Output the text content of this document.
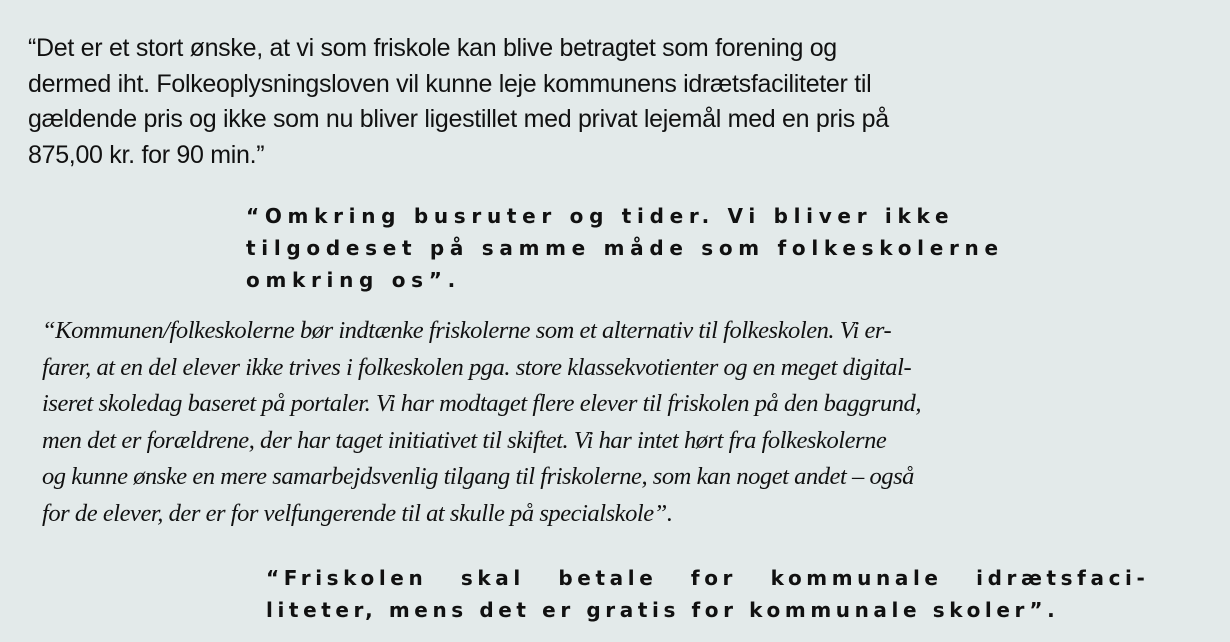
“Det er et stort ønske, at vi som friskole kan blive betragtet som forening og
dermed iht. Folkeoplysningsloven vil kunne leje kommunens idrætsfaciliteter til
gældende pris og ikke som nu bliver ligestillet med privat lejemål med en pris på
875,00 kr. for 90 min.”
“Omkring busruter og tider. Vi bliver ikke
tilgodeset på samme måde som folkeskolerne
omkring os”.
“Kommunen/folkeskolerne bør indtænke friskolerne som et alternativ til folkeskolen. Vi er-
farer, at en del elever ikke trives i folkeskolen pga. store klassekvotienter og en meget digital-
iseret skoledag baseret på portaler. Vi har modtaget flere elever til friskolen på den baggrund,
men det er forældrene, der har taget initiativet til skiftet. Vi har intet hørt fra folkeskolerne
og kunne ønske en mere samarbejdsvenlig tilgang til friskolerne, som kan noget andet – også
for de elever, der er for velfungerende til at skulle på specialskole”.
“Friskolen skal betale for kommunale idrætsfaci-
liteter, mens det er gratis for kommunale skoler”.
